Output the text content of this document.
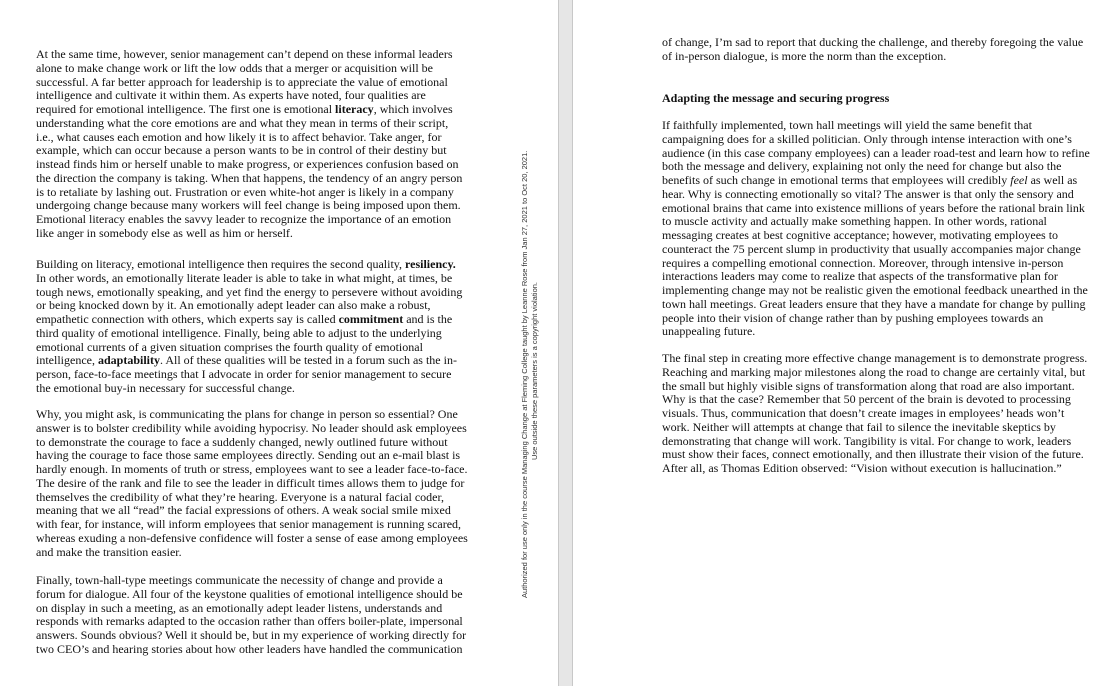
At the same time, however, senior management can’t depend on these informal leaders
alone to make change work or lift the low odds that a merger or acquisition will be
successful. A far better approach for leadership is to appreciate the value of emotional
intelligence and cultivate it within them. As experts have noted, four qualities are
required for emotional intelligence. The first one is emotional literacy, which involves
understanding what the core emotions are and what they mean in terms of their script,
i.e., what causes each emotion and how likely it is to affect behavior. Take anger, for
example, which can occur because a person wants to be in control of their destiny but
instead finds him or herself unable to make progress, or experiences confusion based on
the direction the company is taking. When that happens, the tendency of an angry person
is to retaliate by lashing out. Frustration or even white-hot anger is likely in a company
undergoing change because many workers will feel change is being imposed upon them.
Emotional literacy enables the savvy leader to recognize the importance of an emotion
like anger in somebody else as well as him or herself.

Building on literacy, emotional intelligence then requires the second quality, resiliency.
In other words, an emotionally literate leader is able to take in what might, at times, be
tough news, emotionally speaking, and yet find the energy to persevere without avoiding
or being knocked down by it. An emotionally adept leader can also make a robust,
empathetic connection with others, which experts say is called commitment and is the
third quality of emotional intelligence. Finally, being able to adjust to the underlying
emotional currents of a given situation comprises the fourth quality of emotional
intelligence, adaptability. All of these qualities will be tested in a forum such as the in-
person, face-to-face meetings that I advocate in order for senior management to secure
the emotional buy-in necessary for successful change.

Why, you might ask, is communicating the plans for change in person so essential? One
answer is to bolster credibility while avoiding hypocrisy. No leader should ask employees
to demonstrate the courage to face a suddenly changed, newly outlined future without
having the courage to face those same employees directly. Sending out an e-mail blast is
hardly enough. In moments of truth or stress, employees want to see a leader face-to-face.
The desire of the rank and file to see the leader in difficult times allows them to judge for
themselves the credibility of what they’re hearing. Everyone is a natural facial coder,
meaning that we all “read” the facial expressions of others. A weak social smile mixed
with fear, for instance, will inform employees that senior management is running scared,
whereas exuding a non-defensive confidence will foster a sense of ease among employees
and make the transition easier.

Finally, town-hall-type meetings communicate the necessity of change and provide a
forum for dialogue. All four of the keystone qualities of emotional intelligence should be
on display in such a meeting, as an emotionally adept leader listens, understands and
responds with remarks adapted to the occasion rather than offers boiler-plate, impersonal
answers. Sounds obvious? Well it should be, but in my experience of working directly for
two CEO’s and hearing stories about how other leaders have handled the communication

Authorized for use only in the course Managing Change at Fleming College taught by Leanne Rose from Jan 27, 2021 to Oct 20, 2021. Use outside these parameters is a copyright violation.

of change, I’m sad to report that ducking the challenge, and thereby foregoing the value
of in-person dialogue, is more the norm than the exception.

Adapting the message and securing progress

If faithfully implemented, town hall meetings will yield the same benefit that
campaigning does for a skilled politician. Only through intense interaction with one’s
audience (in this case company employees) can a leader road-test and learn how to refine
both the message and delivery, explaining not only the need for change but also the
benefits of such change in emotional terms that employees will credibly feel as well as
hear. Why is connecting emotionally so vital? The answer is that only the sensory and
emotional brains that came into existence millions of years before the rational brain link
to muscle activity and actually make something happen. In other words, rational
messaging creates at best cognitive acceptance; however, motivating employees to
counteract the 75 percent slump in productivity that usually accompanies major change
requires a compelling emotional connection. Moreover, through intensive in-person
interactions leaders may come to realize that aspects of the transformative plan for
implementing change may not be realistic given the emotional feedback unearthed in the
town hall meetings. Great leaders ensure that they have a mandate for change by pulling
people into their vision of change rather than by pushing employees towards an
unappealing future.

The final step in creating more effective change management is to demonstrate progress.
Reaching and marking major milestones along the road to change are certainly vital, but
the small but highly visible signs of transformation along that road are also important.
Why is that the case? Remember that 50 percent of the brain is devoted to processing
visuals. Thus, communication that doesn’t create images in employees’ heads won’t
work. Neither will attempts at change that fail to silence the inevitable skeptics by
demonstrating that change will work. Tangibility is vital. For change to work, leaders
must show their faces, connect emotionally, and then illustrate their vision of the future.
After all, as Thomas Edition observed: “Vision without execution is hallucination.”
